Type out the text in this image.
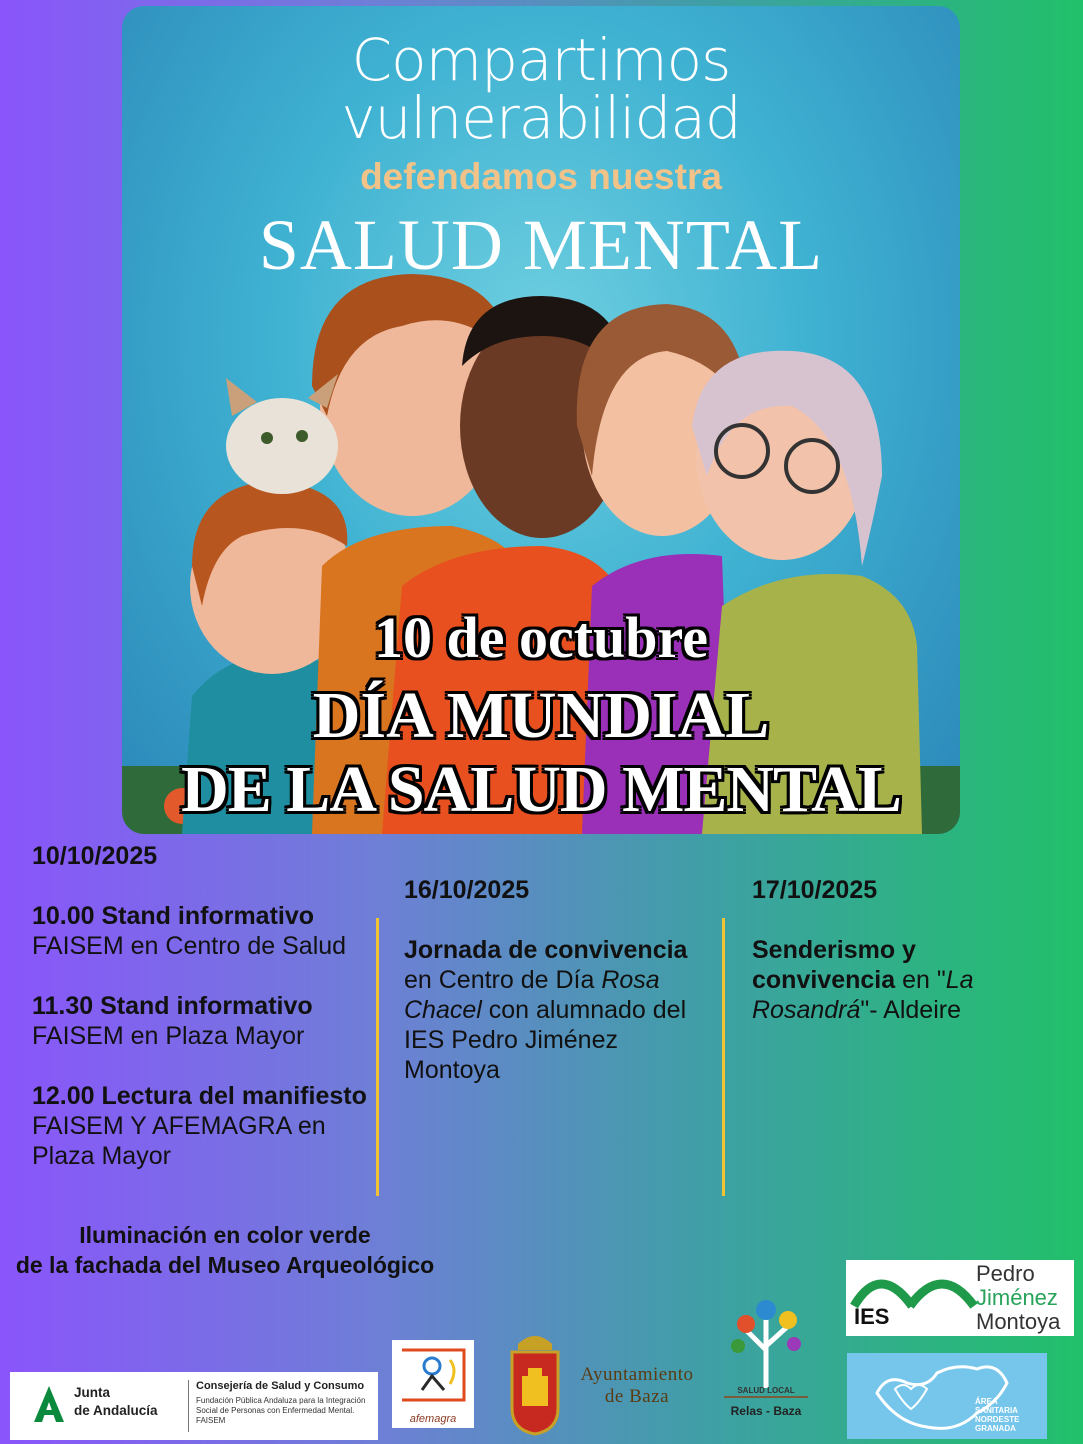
Compartimos
vulnerabilidad
defendamos nuestra
SALUD MENTAL
10 de octubre
DÍA MUNDIAL
DE LA SALUD MENTAL
10/10/2025
10.00 Stand informativo
FAISEM en Centro de Salud
11.30 Stand informativo
FAISEM en Plaza Mayor
12.00 Lectura del manifiesto FAISEM Y AFEMAGRA en Plaza Mayor
16/10/2025
Jornada de convivencia en Centro de Día Rosa Chacel con alumnado del IES Pedro Jiménez Montoya
17/10/2025
Senderismo y convivencia en "La Rosandrá"- Aldeire
Iluminación en color verde
de la fachada del Museo Arqueológico
Junta
de Andalucía
Consejería de Salud y Consumo
Fundación Pública Andaluza para la Integración Social de Personas con Enfermedad Mental. FAISEM	afemagra
Ayuntamiento
de Baza	SALUD LOCAL
Relas - Baza
IES
Pedro
Jiménez
Montoya
ÁREA
SANITARIA
NORDESTE
GRANADA
